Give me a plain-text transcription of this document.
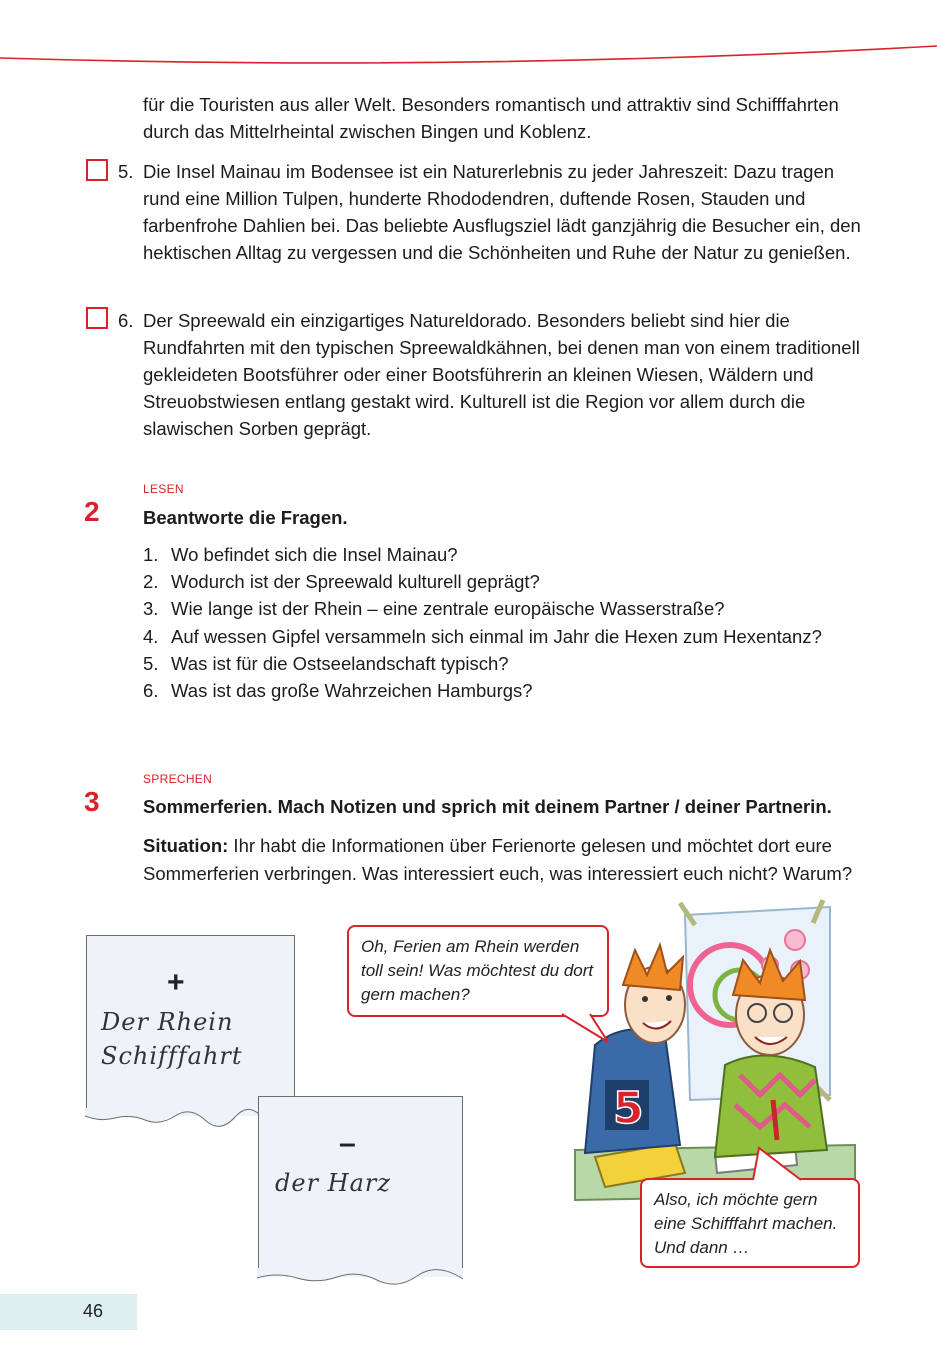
für die Touristen aus aller Welt. Besonders romantisch und attraktiv sind Schifffahrten durch das Mittelrheintal zwischen Bingen und Koblenz.

5. Die Insel Mainau im Bodensee ist ein Naturerlebnis zu jeder Jahreszeit: Dazu tragen rund eine Million Tulpen, hunderte Rhododendren, duftende Rosen, Stauden und farbenfrohe Dahlien bei. Das beliebte Ausflugsziel lädt ganzjährig die Besucher ein, den hektischen Alltag zu vergessen und die Schönheiten und Ruhe der Natur zu genießen.

6. Der Spreewald ein einzigartiges Natureldorado. Besonders beliebt sind hier die Rundfahrten mit den typischen Spreewaldkähnen, bei denen man von einem traditionell gekleideten Bootsführer oder einer Bootsführerin an kleinen Wiesen, Wäldern und Streuobstwiesen entlang gestakt wird. Kulturell ist die Region vor allem durch die slawischen Sorben geprägt.

LESEN
2 Beantworte die Fragen.
1. Wo befindet sich die Insel Mainau?
2. Wodurch ist der Spreewald kulturell geprägt?
3. Wie lange ist der Rhein – eine zentrale europäische Wasserstraße?
4. Auf wessen Gipfel versammeln sich einmal im Jahr die Hexen zum Hexentanz?
5. Was ist für die Ostseelandschaft typisch?
6. Was ist das große Wahrzeichen Hamburgs?
SPRECHEN
3 Sommerferien. Mach Notizen und sprich mit deinem Partner / deiner Partnerin.

Situation: Ihr habt die Informationen über Ferienorte gelesen und möchtet dort eure Sommerferien verbringen. Was interessiert euch, was interessiert euch nicht? Warum?

+
Der Rhein
Schifffahrt
–
der Harz
5
Oh, Ferien am Rhein werden toll sein! Was möchtest du dort gern machen?
Also, ich möchte gern eine Schifffahrt machen. Und dann …
46
